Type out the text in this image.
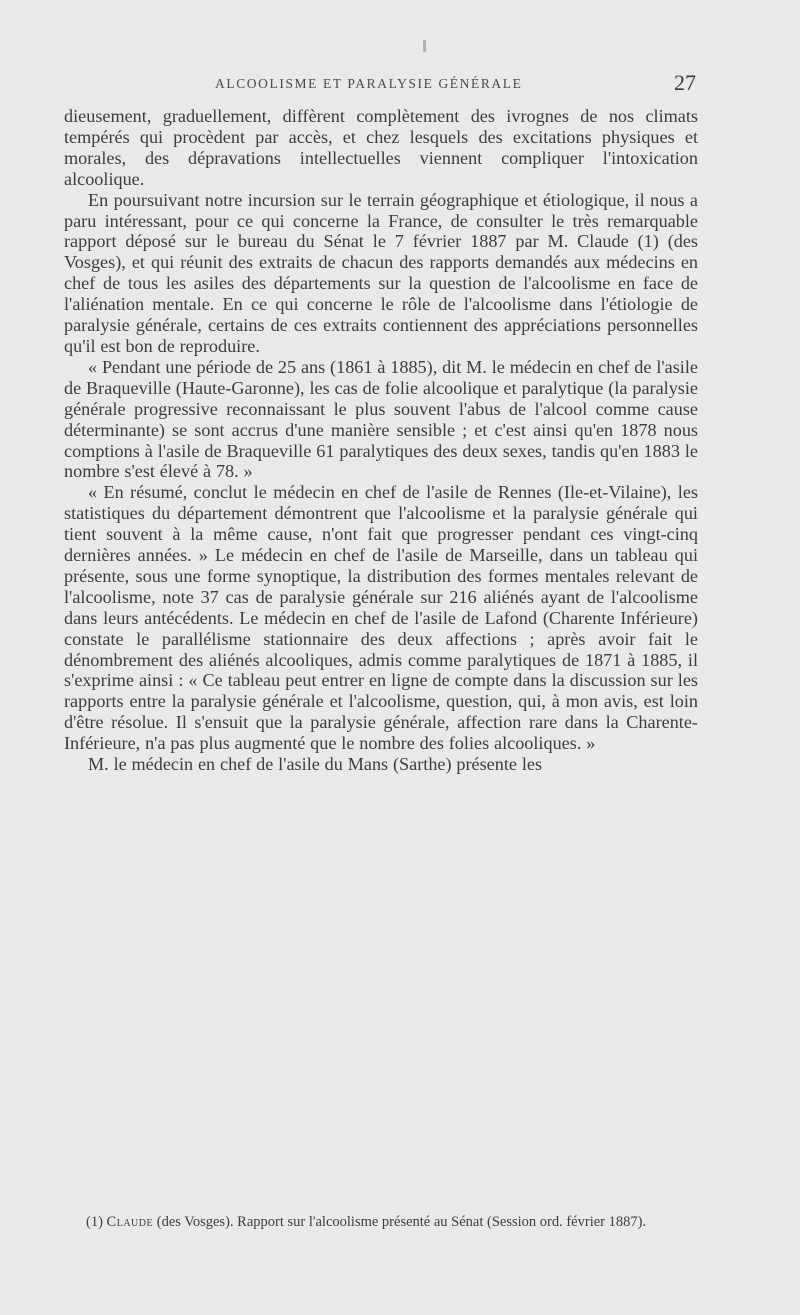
ALCOOLISME ET PARALYSIE GÉNÉRALE	27

dieusement, graduellement, diffèrent complètement des ivrognes de nos climats tempérés qui procèdent par accès, et chez lesquels des excitations physiques et morales, des dépravations intellectuelles viennent compliquer l'intoxication alcoolique.

En poursuivant notre incursion sur le terrain géographique et étiologique, il nous a paru intéressant, pour ce qui concerne la France, de consulter le très remarquable rapport déposé sur le bureau du Sénat le 7 février 1887 par M. Claude (1) (des Vosges), et qui réunit des extraits de chacun des rapports demandés aux médecins en chef de tous les asiles des départements sur la question de l'alcoolisme en face de l'aliénation mentale. En ce qui concerne le rôle de l'alcoolisme dans l'étiologie de paralysie générale, certains de ces extraits contiennent des appréciations personnelles qu'il est bon de reproduire.

« Pendant une période de 25 ans (1861 à 1885), dit M. le médecin en chef de l'asile de Braqueville (Haute-Garonne), les cas de folie alcoolique et paralytique (la paralysie générale progressive reconnaissant le plus souvent l'abus de l'alcool comme cause déterminante) se sont accrus d'une manière sensible ; et c'est ainsi qu'en 1878 nous comptions à l'asile de Braqueville 61 paralytiques des deux sexes, tandis qu'en 1883 le nombre s'est élevé à 78. »

« En résumé, conclut le médecin en chef de l'asile de Rennes (Ile-et-Vilaine), les statistiques du département démontrent que l'alcoolisme et la paralysie générale qui tient souvent à la même cause, n'ont fait que progresser pendant ces vingt-cinq dernières années. » Le médecin en chef de l'asile de Marseille, dans un tableau qui présente, sous une forme synoptique, la distribution des formes mentales relevant de l'alcoolisme, note 37 cas de paralysie générale sur 216 aliénés ayant de l'alcoolisme dans leurs antécédents. Le médecin en chef de l'asile de Lafond (Charente Inférieure) constate le parallélisme stationnaire des deux affections ; après avoir fait le dénombrement des aliénés alcooliques, admis comme paralytiques de 1871 à 1885, il s'exprime ainsi : « Ce tableau peut entrer en ligne de compte dans la discussion sur les rapports entre la paralysie générale et l'alcoolisme, question, qui, à mon avis, est loin d'être résolue. Il s'ensuit que la paralysie générale, affection rare dans la Charente-Inférieure, n'a pas plus augmenté que le nombre des folies alcooliques. »

M. le médecin en chef de l'asile du Mans (Sarthe) présente les

(1) Claude (des Vosges). Rapport sur l'alcoolisme présenté au Sénat (Session ord. février 1887).
